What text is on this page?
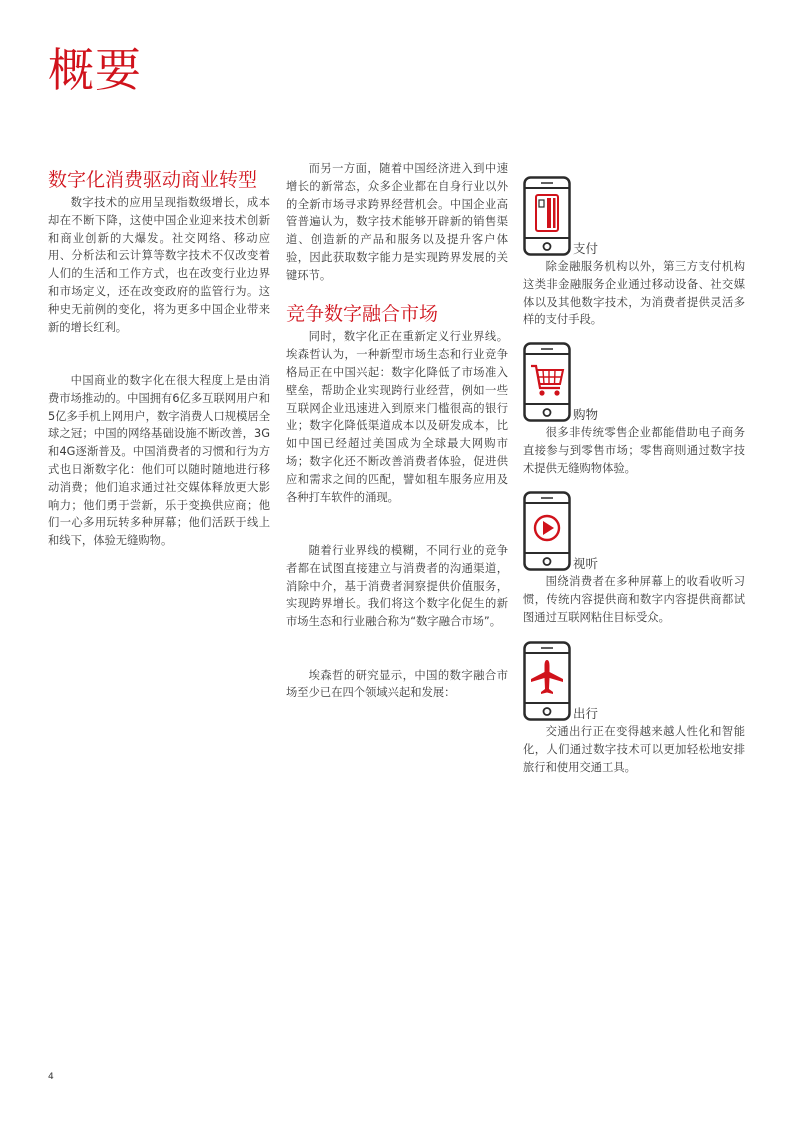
概要
数字化消费驱动商业转型

数字技术的应用呈现指数级增长，成本却在不断下降，这使中国企业迎来技术创新和商业创新的大爆发。社交网络、移动应用、分析法和云计算等数字技术不仅改变着人们的生活和工作方式，也在改变行业边界和市场定义，还在改变政府的监管行为。这种史无前例的变化，将为更多中国企业带来新的增长红利。

中国商业的数字化在很大程度上是由消费市场推动的。中国拥有6亿多互联网用户和5亿多手机上网用户，数字消费人口规模居全球之冠；中国的网络基础设施不断改善，3G和4G逐渐普及。中国消费者的习惯和行为方式也日渐数字化：他们可以随时随地进行移动消费；他们追求通过社交媒体释放更大影响力；他们勇于尝新，乐于变换供应商；他们一心多用玩转多种屏幕；他们活跃于线上和线下，体验无缝购物。

而另一方面，随着中国经济进入到中速增长的新常态，众多企业都在自身行业以外的全新市场寻求跨界经营机会。中国企业高管普遍认为，数字技术能够开辟新的销售渠道、创造新的产品和服务以及提升客户体验，因此获取数字能力是实现跨界发展的关键环节。

竞争数字融合市场

同时，数字化正在重新定义行业界线。埃森哲认为，一种新型市场生态和行业竞争格局正在中国兴起：数字化降低了市场准入壁垒，帮助企业实现跨行业经营，例如一些互联网企业迅速进入到原来门槛很高的银行业；数字化降低渠道成本以及研发成本，比如中国已经超过美国成为全球最大网购市场；数字化还不断改善消费者体验，促进供应和需求之间的匹配，譬如租车服务应用及各种打车软件的涌现。

随着行业界线的模糊，不同行业的竞争者都在试图直接建立与消费者的沟通渠道，消除中介，基于消费者洞察提供价值服务，实现跨界增长。我们将这个数字化促生的新市场生态和行业融合称为“数字融合市场”。

埃森哲的研究显示，中国的数字融合市场至少已在四个领域兴起和发展：

支付

除金融服务机构以外，第三方支付机构这类非金融服务企业通过移动设备、社交媒体以及其他数字技术，为消费者提供灵活多样的支付手段。

购物

很多非传统零售企业都能借助电子商务直接参与到零售市场；零售商则通过数字技术提供无缝购物体验。

视听

围绕消费者在多种屏幕上的收看收听习惯，传统内容提供商和数字内容提供商都试图通过互联网粘住目标受众。

出行

交通出行正在变得越来越人性化和智能化，人们通过数字技术可以更加轻松地安排旅行和使用交通工具。

4
